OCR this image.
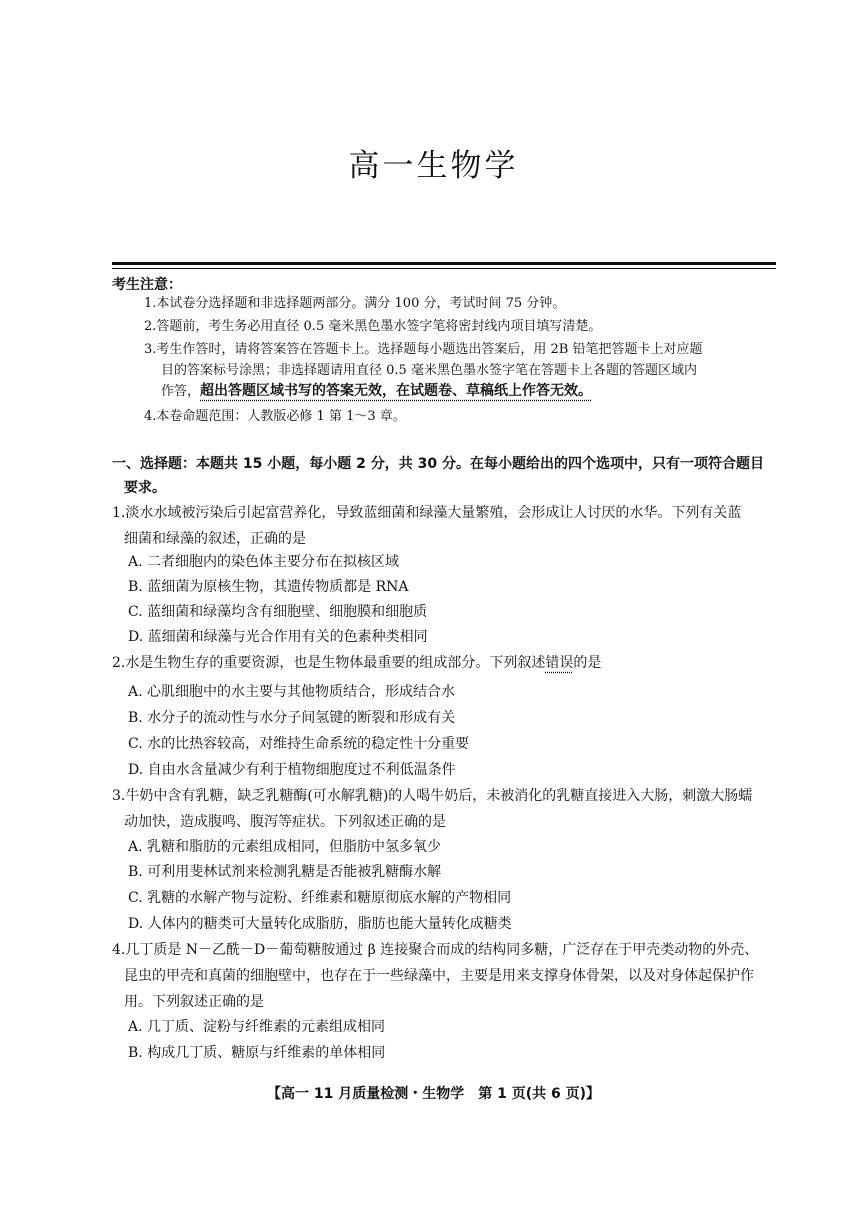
高一生物学
考生注意：
1.本试卷分选择题和非选择题两部分。满分 100 分，考试时间 75 分钟。
2.答题前，考生务必用直径 0.5 毫米黑色墨水签字笔将密封线内项目填写清楚。
3.考生作答时，请将答案答在答题卡上。选择题每小题选出答案后，用 2B 铅笔把答题卡上对应题
目的答案标号涂黑；非选择题请用直径 0.5 毫米黑色墨水签字笔在答题卡上各题的答题区域内
作答，超出答题区域书写的答案无效，在试题卷、草稿纸上作答无效。
4.本卷命题范围：人教版必修 1 第 1～3 章。
一、选择题：本题共 15 小题，每小题 2 分，共 30 分。在每小题给出的四个选项中，只有一项符合题目
要求。
1.淡水水域被污染后引起富营养化，导致蓝细菌和绿藻大量繁殖，会形成让人讨厌的水华。下列有关蓝
细菌和绿藻的叙述，正确的是
A. 二者细胞内的染色体主要分布在拟核区域
B. 蓝细菌为原核生物，其遗传物质都是 RNA
C. 蓝细菌和绿藻均含有细胞壁、细胞膜和细胞质
D. 蓝细菌和绿藻与光合作用有关的色素种类相同
2.水是生物生存的重要资源，也是生物体最重要的组成部分。下列叙述错误的是
A. 心肌细胞中的水主要与其他物质结合，形成结合水
B. 水分子的流动性与水分子间氢键的断裂和形成有关
C. 水的比热容较高，对维持生命系统的稳定性十分重要
D. 自由水含量减少有利于植物细胞度过不利低温条件
3.牛奶中含有乳糖，缺乏乳糖酶(可水解乳糖)的人喝牛奶后，未被消化的乳糖直接进入大肠，刺激大肠蠕
动加快，造成腹鸣、腹泻等症状。下列叙述正确的是
A. 乳糖和脂肪的元素组成相同，但脂肪中氢多氧少
B. 可利用斐林试剂来检测乳糖是否能被乳糖酶水解
C. 乳糖的水解产物与淀粉、纤维素和糖原彻底水解的产物相同
D. 人体内的糖类可大量转化成脂肪，脂肪也能大量转化成糖类
4.几丁质是 N－乙酰－D－葡萄糖胺通过 β 连接聚合而成的结构同多糖，广泛存在于甲壳类动物的外壳、
昆虫的甲壳和真菌的细胞壁中，也存在于一些绿藻中，主要是用来支撑身体骨架，以及对身体起保护作
用。下列叙述正确的是
A. 几丁质、淀粉与纤维素的元素组成相同
B. 构成几丁质、糖原与纤维素的单体相同
【高一 11 月质量检测・生物学　第 1 页(共 6 页)】
